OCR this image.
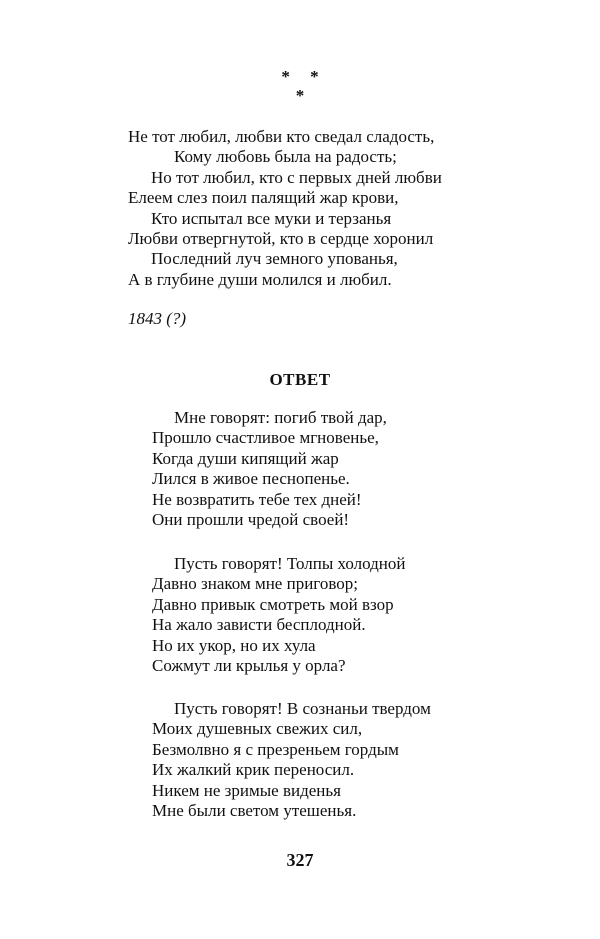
* *
*
Не тот любил, любви кто сведал сладость,
Кому любовь была на радость;
Но тот любил, кто с первых дней любви
Елеем слез поил палящий жар крови,
Кто испытал все муки и терзанья
Любви отвергнутой, кто в сердце хоронил
Последний луч земного упованья,
А в глубине души молился и любил.
1843 (?)
ОТВЕТ
Мне говорят: погиб твой дар,
Прошло счастливое мгновенье,
Когда души кипящий жар
Лился в живое песнопенье.
Не возвратить тебе тех дней!
Они прошли чредой своей!
Пусть говорят! Толпы холодной
Давно знаком мне приговор;
Давно привык смотреть мой взор
На жало зависти бесплодной.
Но их укор, но их хула
Сожмут ли крылья у орла?
Пусть говорят! В сознаньи твердом
Моих душевных свежих сил,
Безмолвно я с презреньем гордым
Их жалкий крик переносил.
Никем не зримые виденья
Мне были светом утешенья.
327
